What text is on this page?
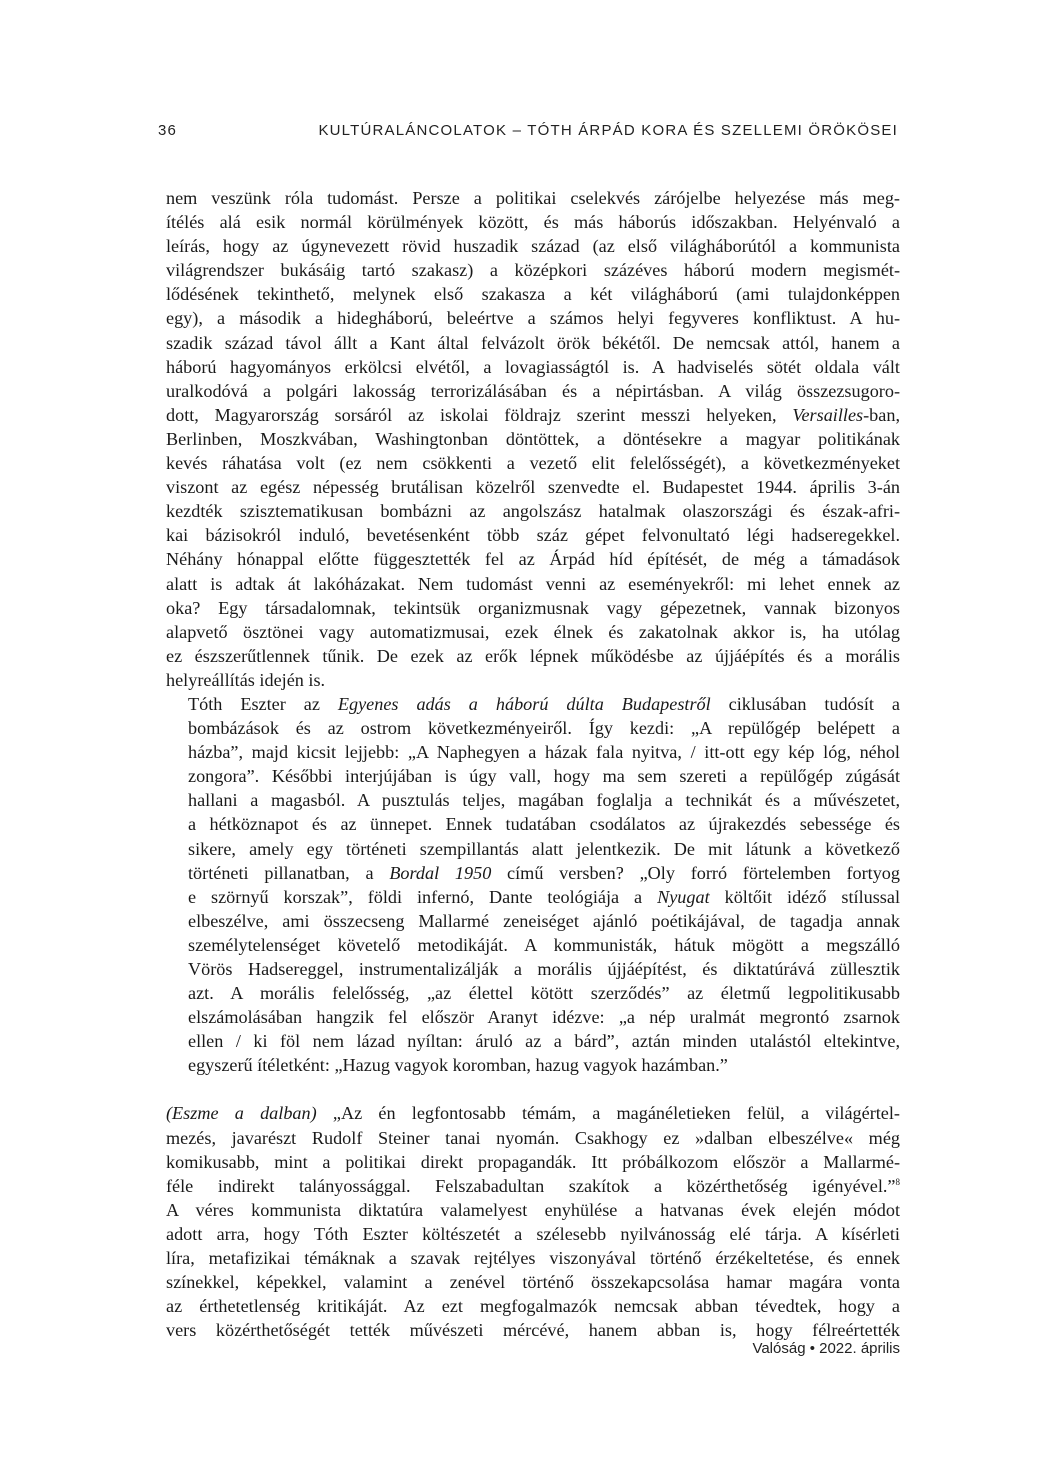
36	KULTÚRALÁNCOLATOK – TÓTH ÁRPÁD KORA ÉS SZELLEMI ÖRÖKÖSEI

nem veszünk róla tudomást. Persze a politikai cselekvés zárójelbe helyezése más meg-
ítélés alá esik normál körülmények között, és más háborús időszakban. Helyénvaló a
leírás, hogy az úgynevezett rövid huszadik század (az első világháborútól a kommunista
világrendszer bukásáig tartó szakasz) a középkori százéves háború modern megismét-
lődésének tekinthető, melynek első szakasza a két világháború (ami tulajdonképpen
egy), a második a hidegháború, beleértve a számos helyi fegyveres konfliktust. A hu-
szadik század távol állt a Kant által felvázolt örök békétől. De nemcsak attól, hanem a
háború hagyományos erkölcsi elvétől, a lovagiasságtól is. A hadviselés sötét oldala vált
uralkodóvá a polgári lakosság terrorizálásában és a népirtásban. A világ összezsugoro-
dott, Magyarország sorsáról az iskolai földrajz szerint messzi helyeken, Versailles-ban,
Berlinben, Moszkvában, Washingtonban döntöttek, a döntésekre a magyar politikának
kevés ráhatása volt (ez nem csökkenti a vezető elit felelősségét), a következményeket
viszont az egész népesség brutálisan közelről szenvedte el. Budapestet 1944. április 3-án
kezdték szisztematikusan bombázni az angolszász hatalmak olaszországi és észak-afri-
kai bázisokról induló, bevetésenként több száz gépet felvonultató légi hadseregekkel.
Néhány hónappal előtte függesztették fel az Árpád híd építését, de még a támadások
alatt is adtak át lakóházakat. Nem tudomást venni az eseményekről: mi lehet ennek az
oka? Egy társadalomnak, tekintsük organizmusnak vagy gépezetnek, vannak bizonyos
alapvető ösztönei vagy automatizmusai, ezek élnek és zakatolnak akkor is, ha utólag
ez észszerűtlennek tűnik. De ezek az erők lépnek működésbe az újjáépítés és a morális
helyreállítás idején is.

Tóth Eszter az Egyenes adás a háború dúlta Budapestről ciklusában tudósít a
bombázások és az ostrom következményeiről. Így kezdi: „A repülőgép belépett a
házba”, majd kicsit lejjebb: „A Naphegyen a házak fala nyitva, / itt-ott egy kép lóg, néhol
zongora”. Későbbi interjújában is úgy vall, hogy ma sem szereti a repülőgép zúgását
hallani a magasból. A pusztulás teljes, magában foglalja a technikát és a művészetet,
a hétköznapot és az ünnepet. Ennek tudatában csodálatos az újrakezdés sebessége és
sikere, amely egy történeti szempillantás alatt jelentkezik. De mit látunk a következő
történeti pillanatban, a Bordal 1950 című versben? „Oly forró förtelemben fortyog
e szörnyű korszak”, földi infernó, Dante teológiája a Nyugat költőit idéző stílussal
elbeszélve, ami összecseng Mallarmé zeneiséget ajánló poétikájával, de tagadja annak
személytelenséget követelő metodikáját. A kommunisták, hátuk mögött a megszálló
Vörös Hadsereggel, instrumentalizálják a morális újjáépítést, és diktatúrává züllesztik
azt. A morális felelősség, „az élettel kötött szerződés” az életmű legpolitikusabb
elszámolásában hangzik fel először Aranyt idézve: „a nép uralmát megrontó zsarnok
ellen / ki föl nem lázad nyíltan: áruló az a bárd”, aztán minden utalástól eltekintve,
egyszerű ítéletként: „Hazug vagyok koromban, hazug vagyok hazámban.”

(Eszme a dalban) „Az én legfontosabb témám, a magánéletieken felül, a világértel-
mezés, javarészt Rudolf Steiner tanai nyomán. Csakhogy ez »dalban elbeszélve« még
komikusabb, mint a politikai direkt propagandák. Itt próbálkozom először a Mallarmé-
féle indirekt talányossággal. Felszabadultan szakítok a közérthetőség igényével.”$^8$
A véres kommunista diktatúra valamelyest enyhülése a hatvanas évek elején módot
adott arra, hogy Tóth Eszter költészetét a szélesebb nyilvánosság elé tárja. A kísérleti
líra, metafizikai témáknak a szavak rejtélyes viszonyával történő érzékeltetése, és ennek
színekkel, képekkel, valamint a zenével történő összekapcsolása hamar magára vonta
az érthetetlenség kritikáját. Az ezt megfogalmazók nemcsak abban tévedtek, hogy a
vers közérthetőségét tették művészeti mércévé, hanem abban is, hogy félreértették

Valóság • 2022. április
